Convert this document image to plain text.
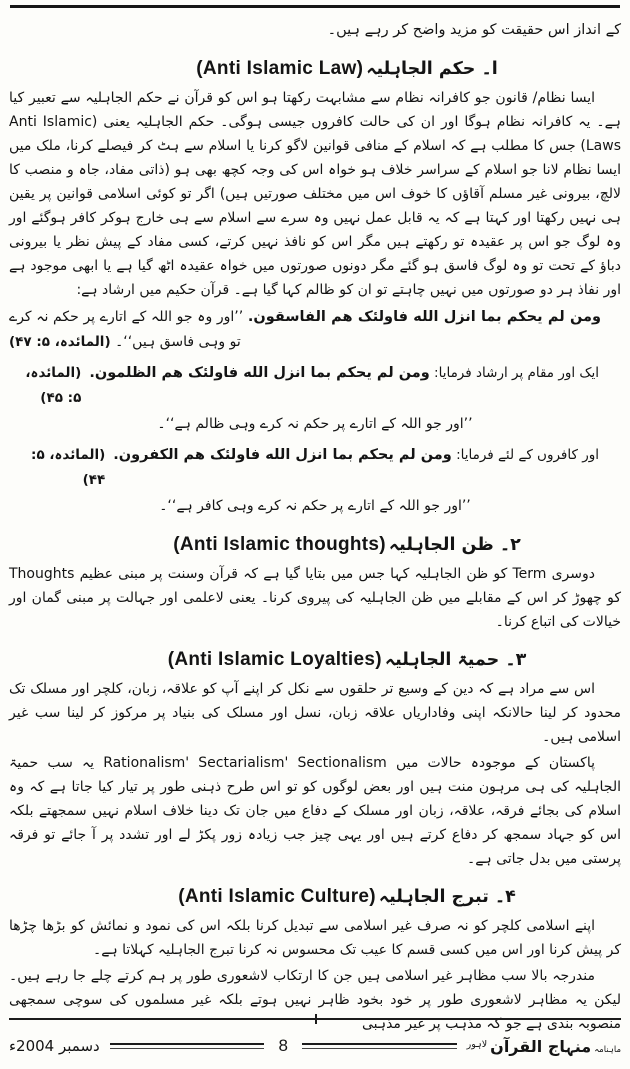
کے انداز اس حقیقت کو مزید واضح کر رہے ہیں۔

ا۔ حکم الجاہلیہ
(Anti Islamic Law)

ایسا نظام/ قانون جو کافرانہ نظام سے مشابہت رکھتا ہو اس کو قرآن نے حکم الجاہلیہ سے تعبیر کیا ہے۔ یہ کافرانہ نظام ہوگا اور ان کی حالت کافروں جیسی ہوگی۔ حکم الجاہلیہ یعنی (Anti Islamic Laws) جس کا مطلب ہے کہ اسلام کے منافی قوانین لاگو کرنا یا اسلام سے ہٹ کر فیصلے کرنا، ملک میں ایسا نظام لانا جو اسلام کے سراسر خلاف ہو خواہ اس کی وجہ کچھ بھی ہو (ذاتی مفاد، جاہ و منصب کا لالچ، بیرونی غیر مسلم آقاؤں کا خوف اس میں مختلف صورتیں ہیں) اگر تو کوئی اسلامی قوانین پر یقین ہی نہیں رکھتا اور کہتا ہے کہ یہ قابل عمل نہیں وہ سرے سے اسلام سے ہی خارج ہوکر کافر ہوگئے اور وہ لوگ جو اس پر عقیدہ تو رکھتے ہیں مگر اس کو نافذ نہیں کرتے، کسی مفاد کے پیش نظر یا بیرونی دباؤ کے تحت تو وہ لوگ فاسق ہو گئے مگر دونوں صورتوں میں خواہ عقیدہ اٹھ گیا ہے یا ابھی موجود ہے اور نفاذ ہر دو صورتوں میں نہیں چاہتے تو ان کو ظالم کہا گیا ہے۔ قرآن حکیم میں ارشاد ہے:

ومن لم يحكم بما انزل الله فاولئک هم الفاسقون. ’’اور وہ جو اللہ کے اتارے پر حکم نہ کرے تو وہی فاسق ہیں‘‘۔ (المائدہ، ۵: ۴۷)

ایک اور مقام پر ارشاد فرمایا: ومن لم يحكم بما انزل الله فاولئک هم الظلمون.
(المائدہ، ۵: ۴۵)

’’اور جو اللہ کے اتارے پر حکم نہ کرے وہی ظالم ہے‘‘۔

اور کافروں کے لئے فرمایا: ومن لم يحكم بما انزل الله فاولئک هم الکفرون.
(المائدہ، ۵: ۴۴)

’’اور جو اللہ کے اتارے پر حکم نہ کرے وہی کافر ہے‘‘۔

۲۔ ظن الجاہلیہ
(Anti Islamic thoughts)

دوسری Term کو ظن الجاہلیہ کہا جس میں بتایا گیا ہے کہ قرآن وسنت پر مبنی عظیم Thoughts کو چھوڑ کر اس کے مقابلے میں ظن الجاہلیہ کی پیروی کرنا۔ یعنی لاعلمی اور جہالت پر مبنی گمان اور خیالات کی اتباع کرنا۔

۳۔ حمیۃ الجاہلیہ
(Anti Islamic Loyalties)

اس سے مراد ہے کہ دین کے وسیع تر حلقوں سے نکل کر اپنے آپ کو علاقہ، زبان، کلچر اور مسلک تک محدود کر لینا حالانکہ اپنی وفاداریاں علاقہ زبان، نسل اور مسلک کی بنیاد پر مرکوز کر لینا سب غیر اسلامی ہیں۔

پاکستان کے موجودہ حالات میں Rationalism' Sectarialism' Sectionalism یہ سب حمیۃ الجاہلیہ کی ہی مرہون منت ہیں اور بعض لوگوں کو تو اس طرح ذہنی طور پر تیار کیا جاتا ہے کہ وہ اسلام کی بجائے فرقہ، علاقہ، زبان اور مسلک کے دفاع میں جان تک دینا خلاف اسلام نہیں سمجھتے بلکہ اس کو جہاد سمجھ کر دفاع کرتے ہیں اور یہی چیز جب زیادہ زور پکڑ لے اور تشدد پر آ جائے تو فرقہ پرستی میں بدل جاتی ہے۔

۴۔ تبرج الجاہلیہ
(Anti Islamic Culture)

اپنے اسلامی کلچر کو نہ صرف غیر اسلامی سے تبدیل کرنا بلکہ اس کی نمود و نمائش کو بڑھا چڑھا کر پیش کرنا اور اس میں کسی قسم کا عیب تک محسوس نہ کرنا تبرج الجاہلیہ کہلاتا ہے۔

مندرجہ بالا سب مظاہر غیر اسلامی ہیں جن کا ارتکاب لاشعوری طور پر ہم کرتے چلے جا رہے ہیں۔ لیکن یہ مظاہر لاشعوری طور پر خود بخود ظاہر نہیں ہوتے بلکہ غیر مسلموں کی سوچی سمجھی منصوبہ بندی ہے جو کہ مذہب پر غیر مذہبی

ماہنامہ
منہاج القرآن
لاہور
8
دسمبر 2004ء
